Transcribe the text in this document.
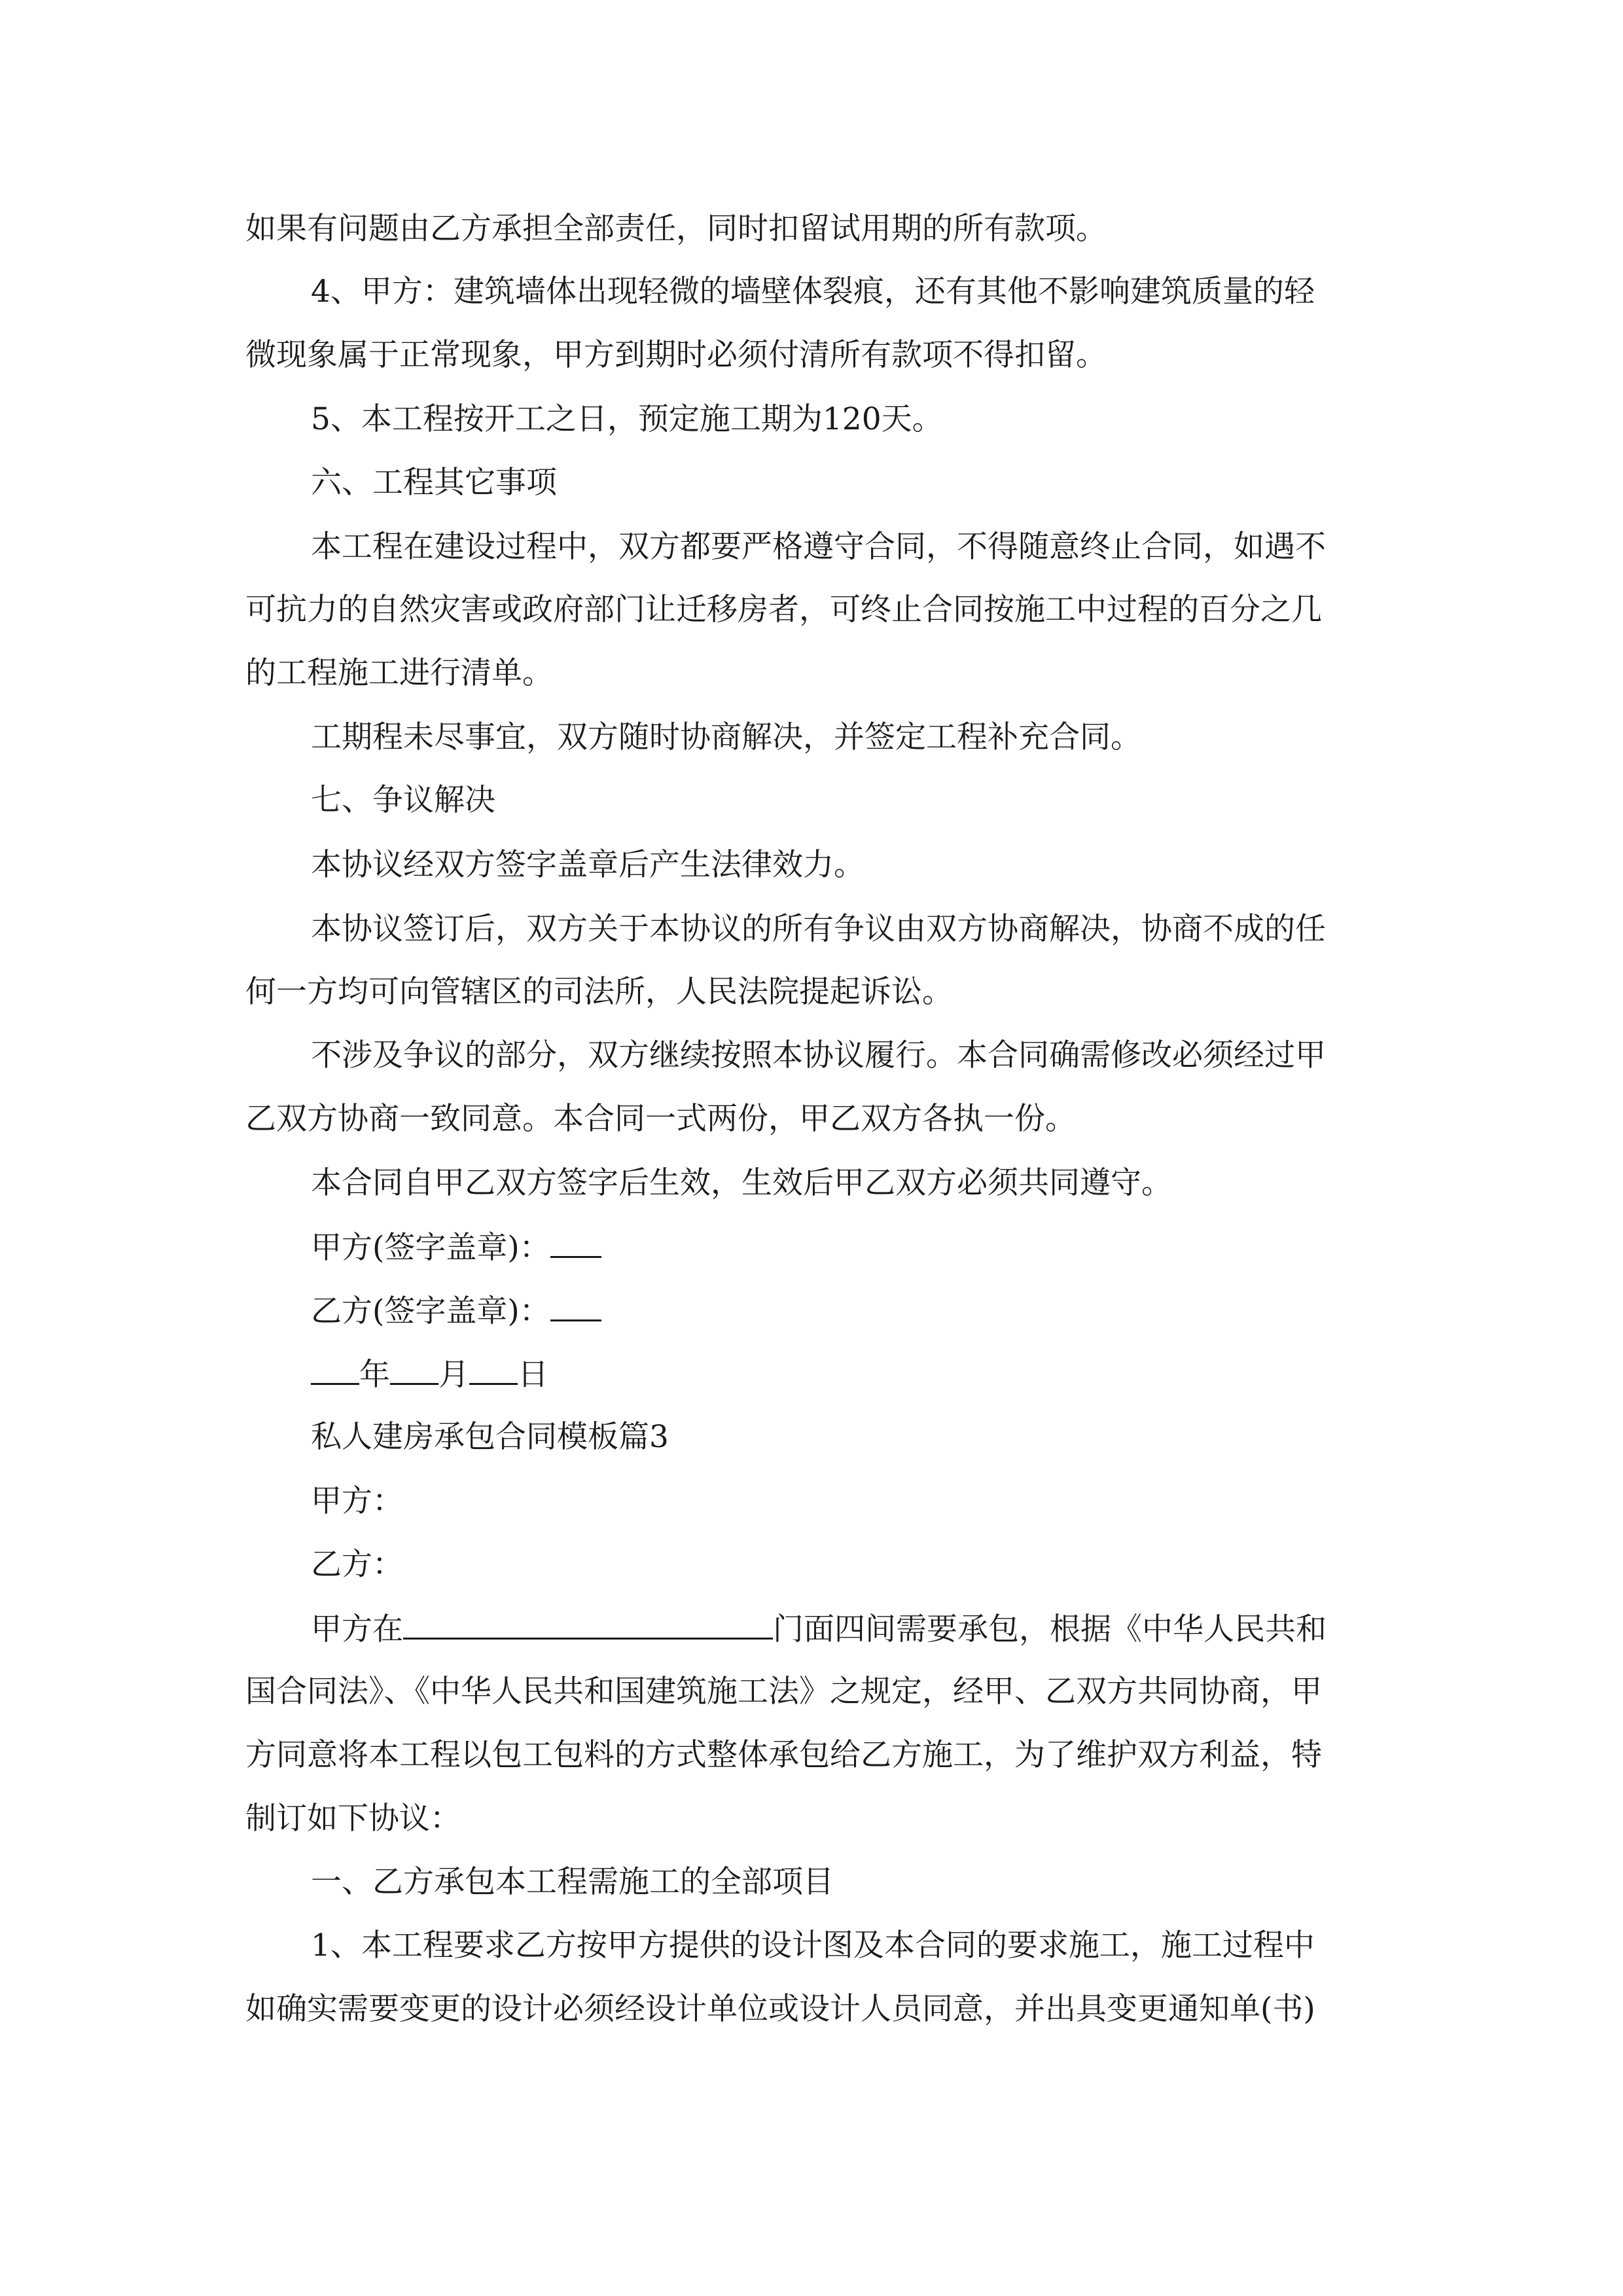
如果有问题由乙方承担全部责任，同时扣留试用期的所有款项。
4、甲方：建筑墙体出现轻微的墙壁体裂痕，还有其他不影响建筑质量的轻
微现象属于正常现象，甲方到期时必须付清所有款项不得扣留。
5、本工程按开工之日，预定施工期为120天。
六、工程其它事项
本工程在建设过程中，双方都要严格遵守合同，不得随意终止合同，如遇不
可抗力的自然灾害或政府部门让迁移房者，可终止合同按施工中过程的百分之几
的工程施工进行清单。
工期程未尽事宜，双方随时协商解决，并签定工程补充合同。
七、争议解决
本协议经双方签字盖章后产生法律效力。
本协议签订后，双方关于本协议的所有争议由双方协商解决，协商不成的任
何一方均可向管辖区的司法所，人民法院提起诉讼。
不涉及争议的部分，双方继续按照本协议履行。本合同确需修改必须经过甲
乙双方协商一致同意。本合同一式两份，甲乙双方各执一份。
本合同自甲乙双方签字后生效，生效后甲乙双方必须共同遵守。
甲方(签字盖章)：
乙方(签字盖章)：
年 月 日
私人建房承包合同模板篇3
甲方：
乙方：
甲方在	门面四间需要承包，根据《中华人民共和
国合同法》、《中华人民共和国建筑施工法》之规定，经甲、乙双方共同协商，甲
方同意将本工程以包工包料的方式整体承包给乙方施工，为了维护双方利益，特
制订如下协议：
一、乙方承包本工程需施工的全部项目
1、本工程要求乙方按甲方提供的设计图及本合同的要求施工，施工过程中
如确实需要变更的设计必须经设计单位或设计人员同意，并出具变更通知单(书)
